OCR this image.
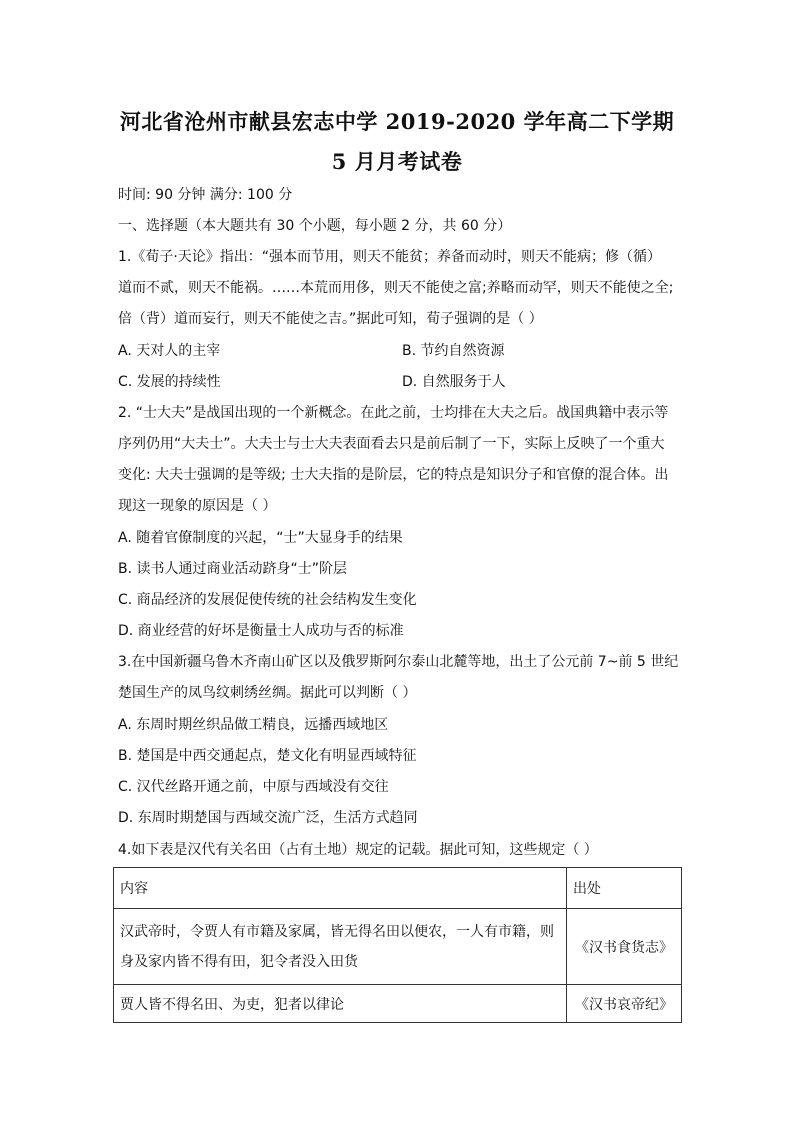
河北省沧州市献县宏志中学 2019-2020 学年高二下学期
5 月月考试卷
时间: 90 分钟 满分: 100 分
一、选择题（本大题共有 30 个小题，每小题 2 分，共 60 分）
1.《荀子·天论》指出：“强本而节用，则天不能贫；养备而动时，则天不能病；修（循）
道而不贰，则天不能祸。……本荒而用侈，则天不能使之富;养略而动罕，则天不能使之全;
倍（背）道而妄行，则天不能使之吉。”据此可知，荀子强调的是（ ）
A. 天对人的主宰	B. 节约自然资源
C. 发展的持续性	D. 自然服务于人
2. “士大夫”是战国出现的一个新概念。在此之前，士均排在大夫之后。战国典籍中表示等
序列仍用“大夫士”。大夫士与士大夫表面看去只是前后制了一下，实际上反映了一个重大
变化: 大夫士强调的是等级; 士大夫指的是阶层，它的特点是知识分子和官僚的混合体。出
现这一现象的原因是（ ）
A. 随着官僚制度的兴起，“士”大显身手的结果
B. 读书人通过商业活动跻身“士”阶层
C. 商品经济的发展促使传统的社会结构发生变化
D. 商业经营的好坏是衡量士人成功与否的标准
3.在中国新疆乌鲁木齐南山矿区以及俄罗斯阿尔泰山北麓等地，出土了公元前 7~前 5 世纪
楚国生产的凤鸟纹刺绣丝绸。据此可以判断（ ）
A. 东周时期丝织品做工精良，远播西域地区
B. 楚国是中西交通起点，楚文化有明显西域特征
C. 汉代丝路开通之前，中原与西域没有交往
D. 东周时期楚国与西域交流广泛，生活方式趋同
4.如下表是汉代有关名田（占有土地）规定的记载。据此可知，这些规定（ ）
内容	出处

汉武帝时，令贾人有市籍及家属，皆无得名田以便农，一人有市籍，则
身及家内皆不得有田，犯令者没入田货	《汉书食货志》
贾人皆不得名田、为吏，犯者以律论	《汉书哀帝纪》
